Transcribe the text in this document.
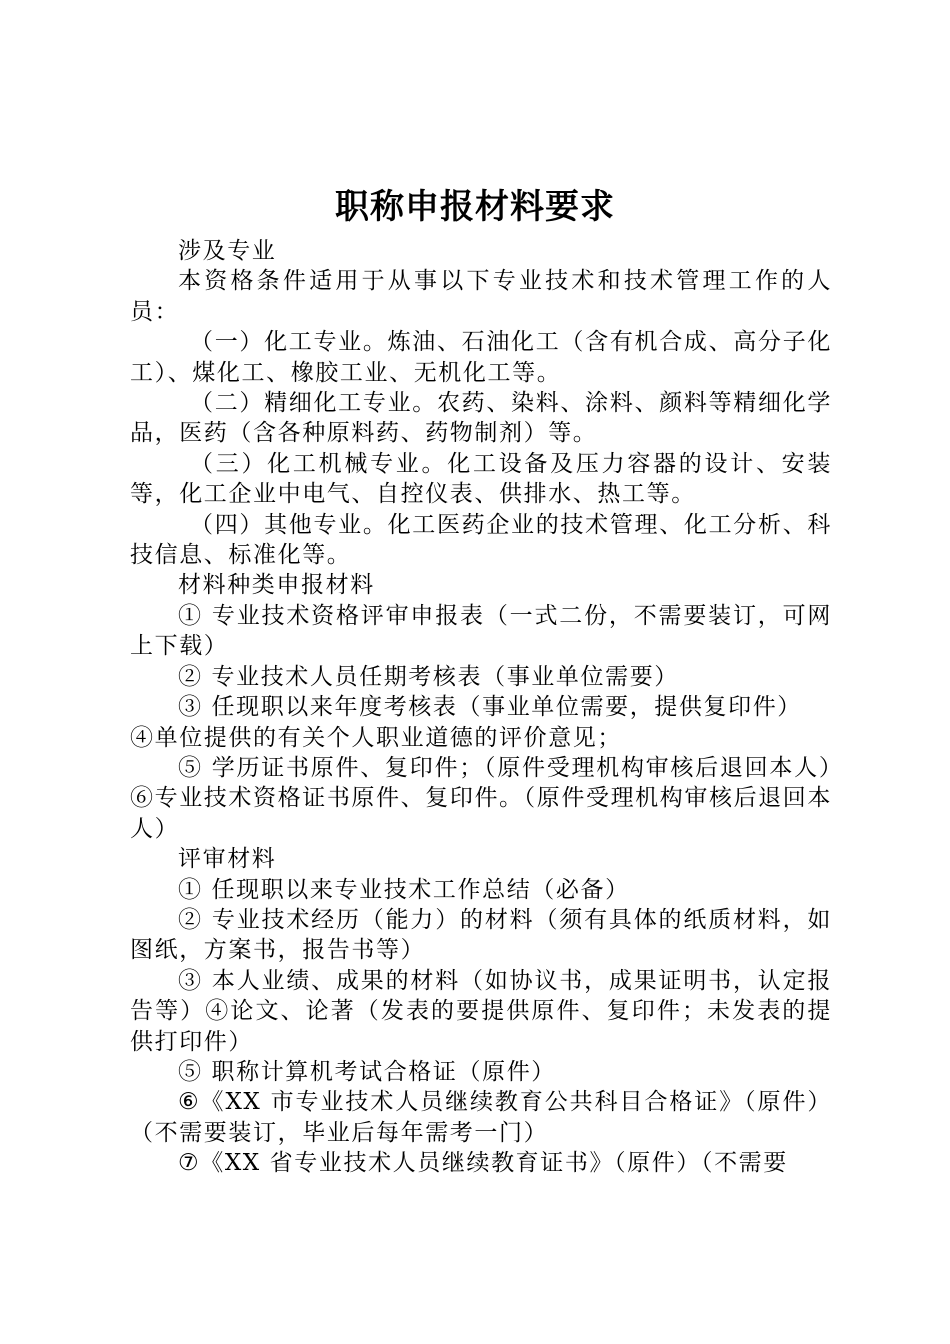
职称申报材料要求

涉及专业

本资格条件适用于从事以下专业技术和技术管理工作的人员：

（一）化工专业。炼油、石油化工（含有机合成、高分子化工）、煤化工、橡胶工业、无机化工等。

（二）精细化工专业。农药、染料、涂料、颜料等精细化学品，医药（含各种原料药、药物制剂）等。

（三）化工机械专业。化工设备及压力容器的设计、安装等，化工企业中电气、自控仪表、供排水、热工等。

（四）其他专业。化工医药企业的技术管理、化工分析、科技信息、标准化等。

材料种类申报材料

① 专业技术资格评审申报表（一式二份，不需要装订，可网上下载）

② 专业技术人员任期考核表（事业单位需要）

③ 任现职以来年度考核表（事业单位需要，提供复印件）

④单位提供的有关个人职业道德的评价意见；

⑤ 学历证书原件、复印件；（原件受理机构审核后退回本人）⑥专业技术资格证书原件、复印件。（原件受理机构审核后退回本人）

评审材料

① 任现职以来专业技术工作总结（必备）

② 专业技术经历（能力）的材料（须有具体的纸质材料，如图纸，方案书，报告书等）

③ 本人业绩、成果的材料（如协议书，成果证明书，认定报告等）④论文、论著（发表的要提供原件、复印件；未发表的提供打印件）

⑤ 职称计算机考试合格证（原件）

⑥《XX 市专业技术人员继续教育公共科目合格证》（原件）（不需要装订，毕业后每年需考一门）

⑦《XX 省专业技术人员继续教育证书》（原件）（不需要
